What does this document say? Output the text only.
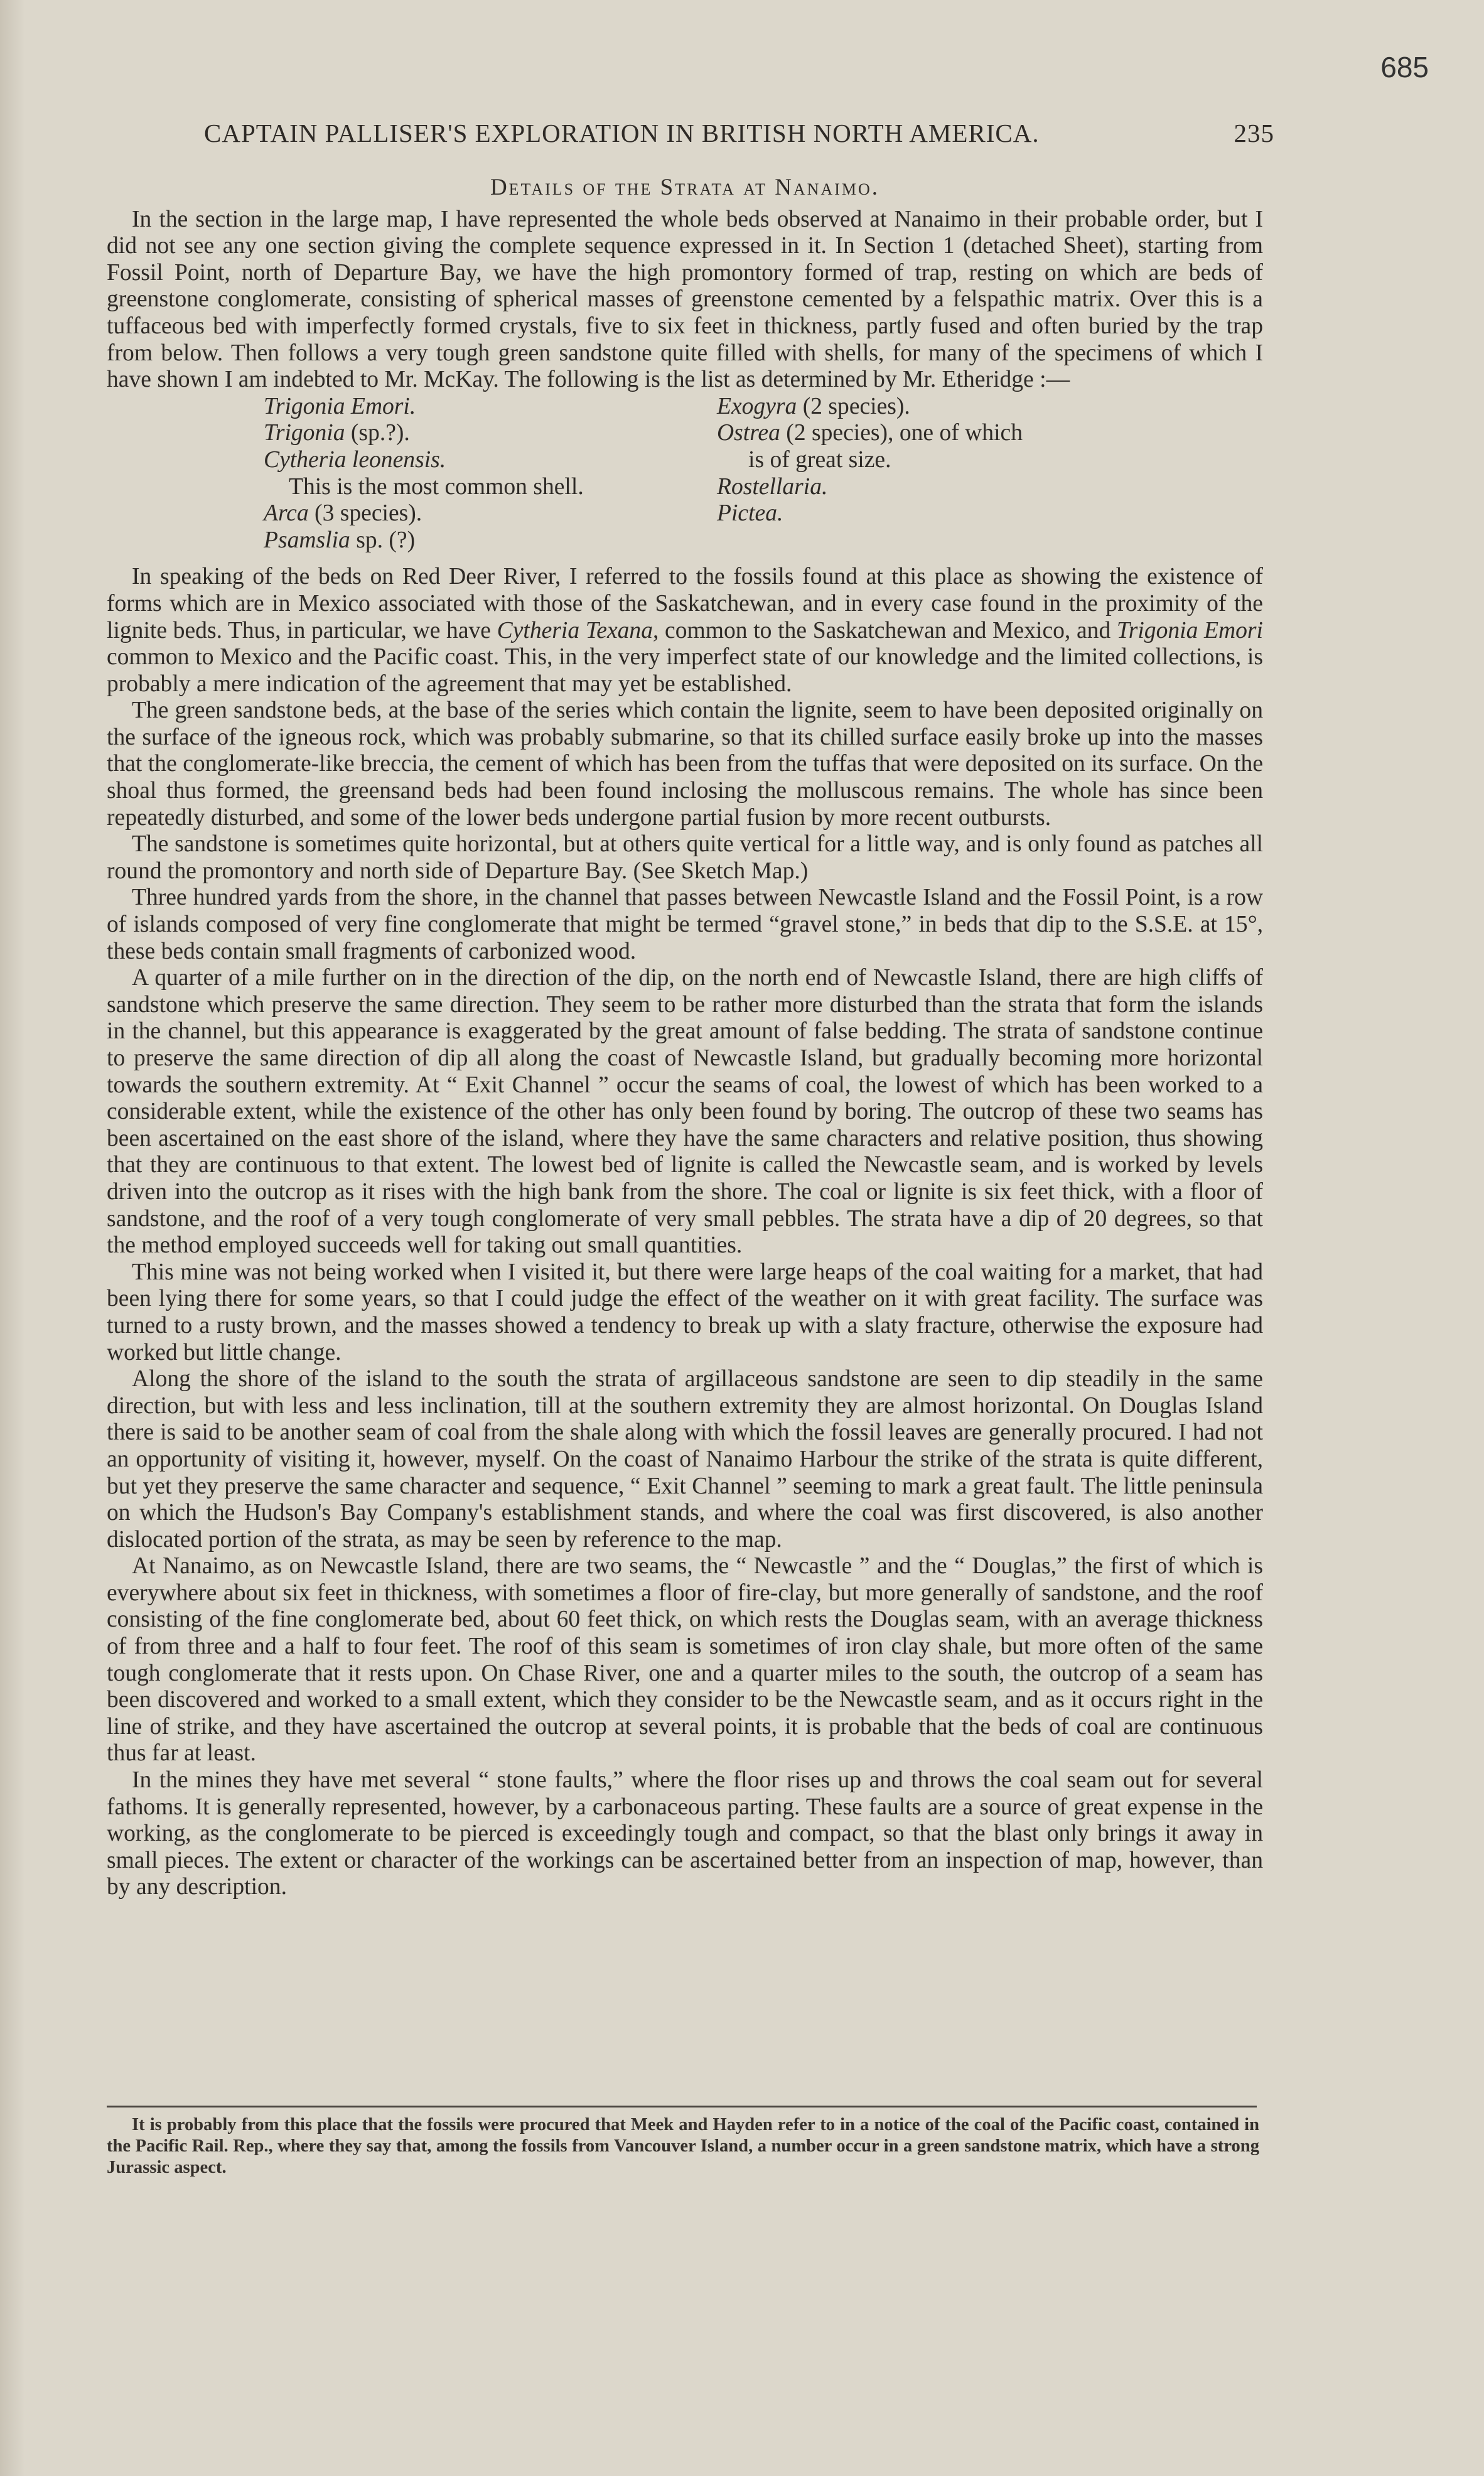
685
CAPTAIN PALLISER'S EXPLORATION IN BRITISH NORTH AMERICA.	235
Details of the Strata at Nanaimo.

In the section in the large map, I have represented the whole beds observed at Nanaimo in their probable order, but I did not see any one section giving the complete sequence expressed in it. In Section 1 (detached Sheet), starting from Fossil Point, north of Departure Bay, we have the high promontory formed of trap, resting on which are beds of greenstone conglomerate, consisting of spherical masses of greenstone cemented by a felspathic matrix. Over this is a tuffaceous bed with imperfectly formed crystals, five to six feet in thickness, partly fused and often buried by the trap from below. Then follows a very tough green sandstone quite filled with shells, for many of the specimens of which I have shown I am indebted to Mr. McKay. The following is the list as determined by Mr. Etheridge :—

Trigonia Emori.
Trigonia (sp.?).
Cytheria leonensis.
This is the most common shell.
Arca (3 species).
Psamslia sp. (?)
Exogyra (2 species).
Ostrea (2 species), one of which
is of great size.
Rostellaria.
Pictea.

In speaking of the beds on Red Deer River, I referred to the fossils found at this place as showing the existence of forms which are in Mexico associated with those of the Saskatchewan, and in every case found in the proximity of the lignite beds. Thus, in particular, we have Cytheria Texana, common to the Saskatchewan and Mexico, and Trigonia Emori common to Mexico and the Pacific coast. This, in the very imperfect state of our knowledge and the limited collections, is probably a mere indication of the agreement that may yet be established.

The green sandstone beds, at the base of the series which contain the lignite, seem to have been deposited originally on the surface of the igneous rock, which was probably submarine, so that its chilled surface easily broke up into the masses that the conglomerate-like breccia, the cement of which has been from the tuffas that were deposited on its surface. On the shoal thus formed, the greensand beds had been found inclosing the molluscous remains. The whole has since been repeatedly disturbed, and some of the lower beds undergone partial fusion by more recent outbursts.

The sandstone is sometimes quite horizontal, but at others quite vertical for a little way, and is only found as patches all round the promontory and north side of Departure Bay. (See Sketch Map.)

Three hundred yards from the shore, in the channel that passes between Newcastle Island and the Fossil Point, is a row of islands composed of very fine conglomerate that might be termed “gravel stone,” in beds that dip to the S.S.E. at 15°, these beds contain small fragments of carbonized wood.

A quarter of a mile further on in the direction of the dip, on the north end of Newcastle Island, there are high cliffs of sandstone which preserve the same direction. They seem to be rather more disturbed than the strata that form the islands in the channel, but this appearance is exaggerated by the great amount of false bedding. The strata of sandstone continue to preserve the same direction of dip all along the coast of Newcastle Island, but gradually becoming more horizontal towards the southern extremity. At “ Exit Channel ” occur the seams of coal, the lowest of which has been worked to a considerable extent, while the existence of the other has only been found by boring. The outcrop of these two seams has been ascertained on the east shore of the island, where they have the same characters and relative position, thus showing that they are continuous to that extent. The lowest bed of lignite is called the Newcastle seam, and is worked by levels driven into the outcrop as it rises with the high bank from the shore. The coal or lignite is six feet thick, with a floor of sandstone, and the roof of a very tough conglomerate of very small pebbles. The strata have a dip of 20 degrees, so that the method employed succeeds well for taking out small quantities.

This mine was not being worked when I visited it, but there were large heaps of the coal waiting for a market, that had been lying there for some years, so that I could judge the effect of the weather on it with great facility. The surface was turned to a rusty brown, and the masses showed a tendency to break up with a slaty fracture, otherwise the exposure had worked but little change.

Along the shore of the island to the south the strata of argillaceous sandstone are seen to dip steadily in the same direction, but with less and less inclination, till at the southern extremity they are almost horizontal. On Douglas Island there is said to be another seam of coal from the shale along with which the fossil leaves are generally procured. I had not an opportunity of visiting it, however, myself. On the coast of Nanaimo Harbour the strike of the strata is quite different, but yet they preserve the same character and sequence, “ Exit Channel ” seeming to mark a great fault. The little peninsula on which the Hudson's Bay Company's establishment stands, and where the coal was first discovered, is also another dislocated portion of the strata, as may be seen by reference to the map.

At Nanaimo, as on Newcastle Island, there are two seams, the “ Newcastle ” and the “ Douglas,” the first of which is everywhere about six feet in thickness, with sometimes a floor of fire-clay, but more generally of sandstone, and the roof consisting of the fine conglomerate bed, about 60 feet thick, on which rests the Douglas seam, with an average thickness of from three and a half to four feet. The roof of this seam is sometimes of iron clay shale, but more often of the same tough conglomerate that it rests upon. On Chase River, one and a quarter miles to the south, the outcrop of a seam has been discovered and worked to a small extent, which they consider to be the Newcastle seam, and as it occurs right in the line of strike, and they have ascertained the outcrop at several points, it is probable that the beds of coal are continuous thus far at least.

In the mines they have met several “ stone faults,” where the floor rises up and throws the coal seam out for several fathoms. It is generally represented, however, by a carbonaceous parting. These faults are a source of great expense in the working, as the conglomerate to be pierced is exceedingly tough and compact, so that the blast only brings it away in small pieces. The extent or character of the workings can be ascertained better from an inspection of map, however, than by any description.

It is probably from this place that the fossils were procured that Meek and Hayden refer to in a notice of the coal of the Pacific coast, contained in the Pacific Rail. Rep., where they say that, among the fossils from Vancouver Island, a number occur in a green sandstone matrix, which have a strong Jurassic aspect.
